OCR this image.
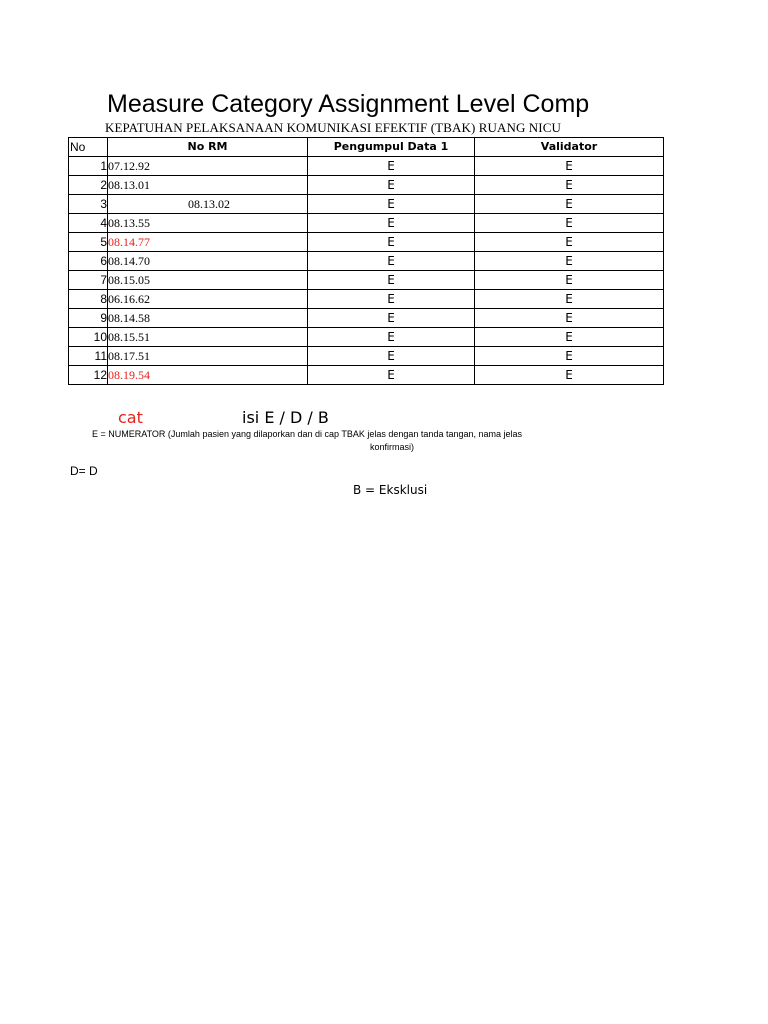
Measure Category Assignment Level Comp
KEPATUHAN PELAKSANAAN KOMUNIKASI EFEKTIF (TBAK) RUANG NICU
No	No RM	Pengumpul Data 1	Validator
1	07.12.92	E	E
2	08.13.01	E	E
3	08.13.02	E	E
4	08.13.55	E	E
5	08.14.77	E	E
6	08.14.70	E	E
7	08.15.05	E	E
8	06.16.62	E	E
9	08.14.58	E	E
10	08.15.51	E	E
11	08.17.51	E	E
12	08.19.54	E	E
cat	isi E / D / B
E = NUMERATOR (Jumlah pasien yang dilaporkan dan di cap TBAK jelas dengan tanda tangan, nama jelas
konfirmasi)
D= D
B = Eksklusi
